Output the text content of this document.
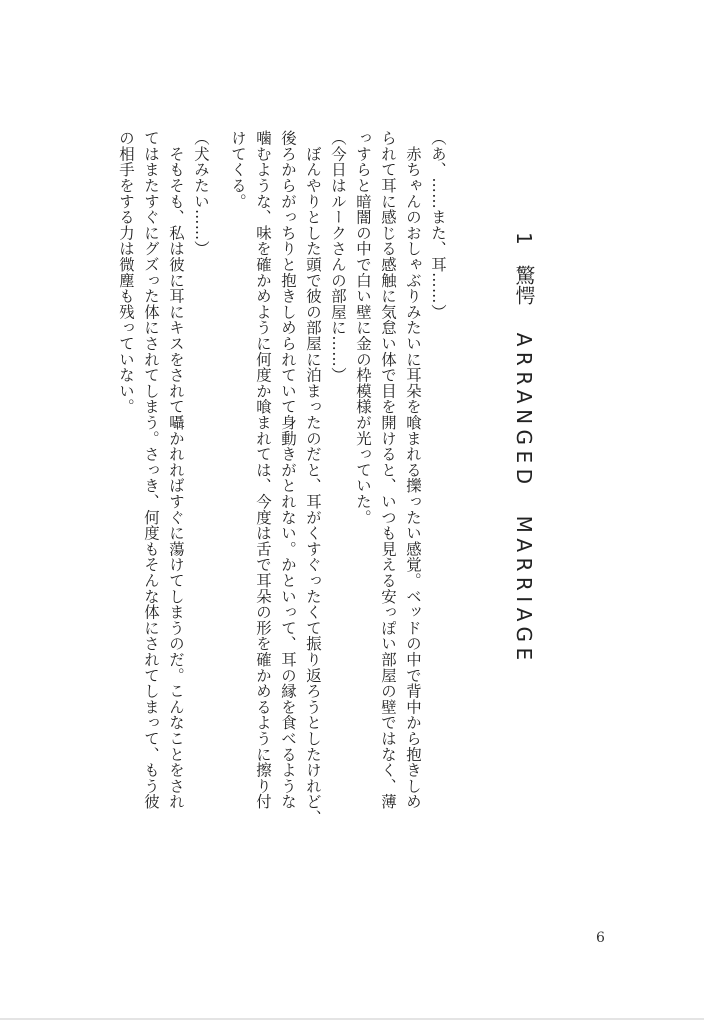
1驚愕ARRANGEDMARRIAGE
（あ、……また、耳……）
　赤ちゃんのおしゃぶりみたいに耳朵を喰まれる擽ったい感覚。ベッドの中で背中から抱きしめ
られて耳に感じる感触に気怠い体で目を開けると、いつも見える安っぽい部屋の壁ではなく、薄
っすらと暗闇の中で白い壁に金の枠模様が光っていた。
（今日はルークさんの部屋に……）
　ぼんやりとした頭で彼の部屋に泊まったのだと、耳がくすぐったくて振り返ろうとしたけれど、
後ろからがっちりと抱きしめられていて身動きがとれない。かといって、耳の縁を食べるような
噛むような、味を確かめように何度か喰まれては、今度は舌で耳朵の形を確かめるように擦り付
けてくる。
（犬みたい……）
　そもそも、私は彼に耳にキスをされて囁かれればすぐに蕩けてしまうのだ。こんなことをされ
てはまたすぐにグズった体にされてしまう。さっき、何度もそんな体にされてしまって、もう彼
の相手をする力は微塵も残っていない。
6
